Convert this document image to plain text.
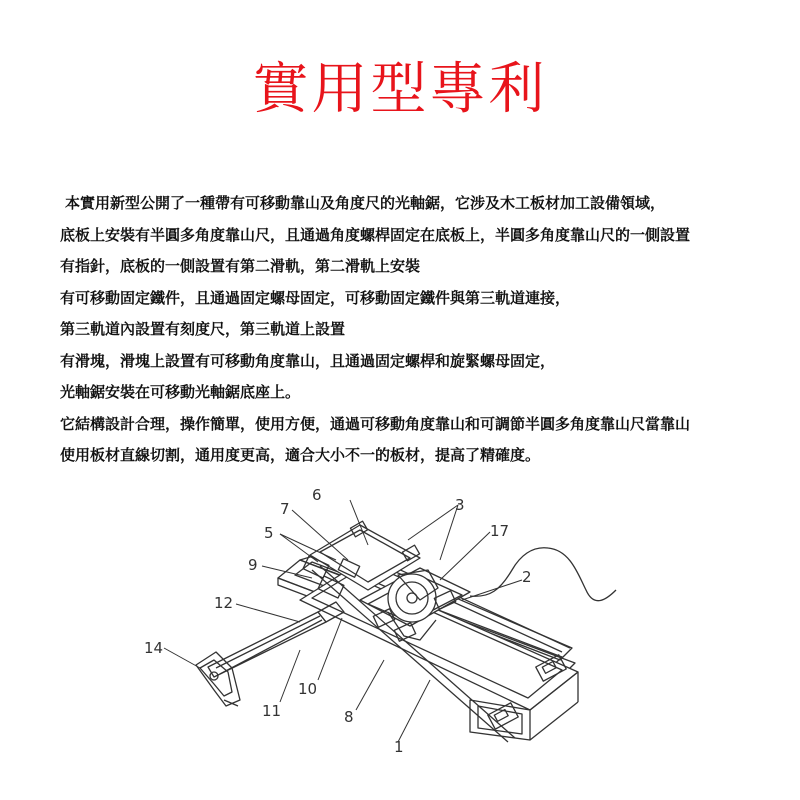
實用型專利
本實用新型公開了一種帶有可移動靠山及角度尺的光軸鋸，它涉及木工板材加工設備領域，
底板上安裝有半圓多角度靠山尺，且通過角度螺桿固定在底板上，半圓多角度靠山尺的一側設置
有指針，底板的一側設置有第二滑軌，第二滑軌上安裝
有可移動固定鐵件，且通過固定螺母固定，可移動固定鐵件與第三軌道連接，
第三軌道內設置有刻度尺，第三軌道上設置
有滑塊，滑塊上設置有可移動角度靠山，且通過固定螺桿和旋緊螺母固定，
光軸鋸安裝在可移動光軸鋸底座上。
它結構設計合理，操作簡單，使用方便，通過可移動角度靠山和可調節半圓多角度靠山尺當靠山
使用板材直線切割，通用度更高，適合大小不一的板材，提高了精確度。
7
6
3
17
5
9
2
12
14
10
11	8
1
